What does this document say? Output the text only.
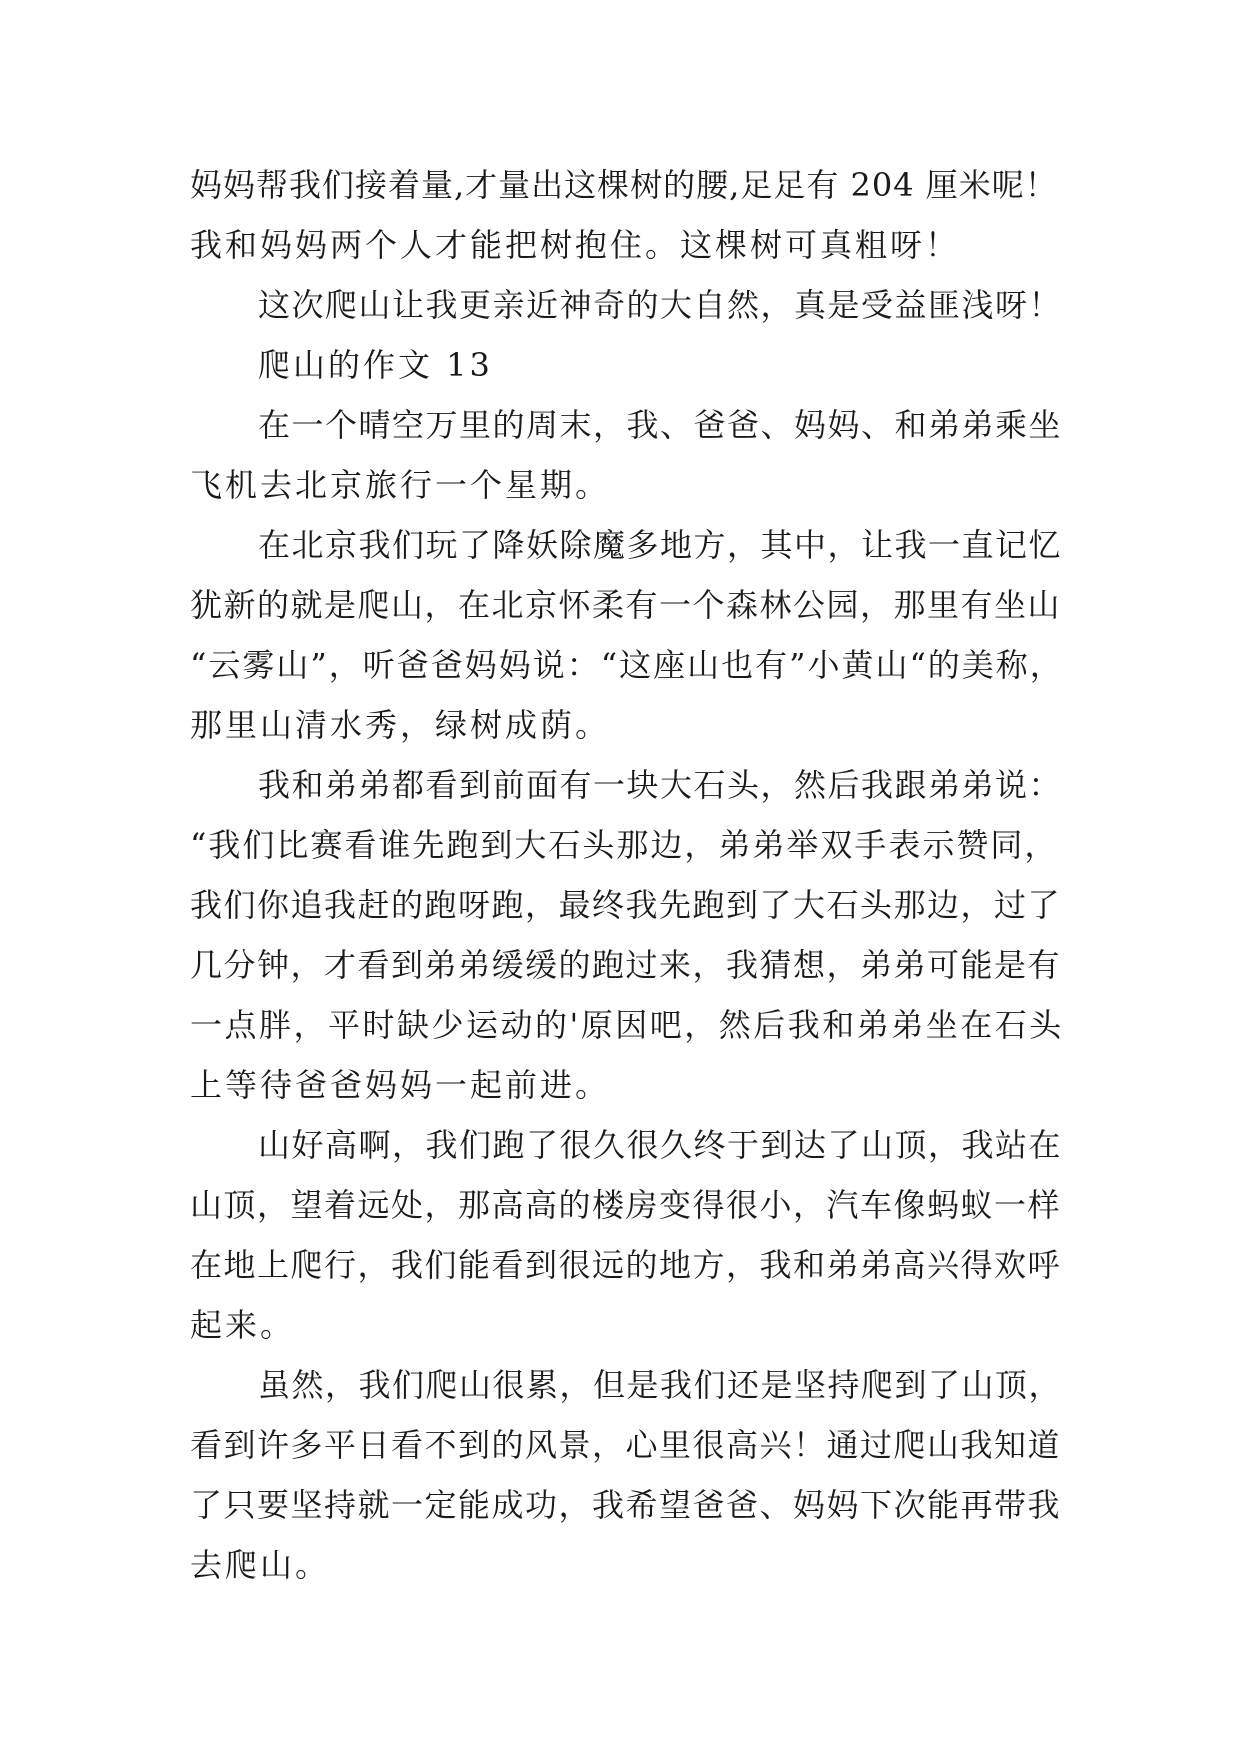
妈妈帮我们接着量,才量出这棵树的腰,足足有 204 厘米呢！
我和妈妈两个人才能把树抱住。这棵树可真粗呀！
这次爬山让我更亲近神奇的大自然，真是受益匪浅呀！
爬山的作文 13
在一个晴空万里的周末，我、爸爸、妈妈、和弟弟乘坐
飞机去北京旅行一个星期。
在北京我们玩了降妖除魔多地方，其中，让我一直记忆
犹新的就是爬山，在北京怀柔有一个森林公园，那里有坐山
“云雾山”，听爸爸妈妈说：“这座山也有”小黄山“的美称，
那里山清水秀，绿树成荫。
我和弟弟都看到前面有一块大石头，然后我跟弟弟说：
“我们比赛看谁先跑到大石头那边，弟弟举双手表示赞同，
我们你追我赶的跑呀跑，最终我先跑到了大石头那边，过了
几分钟，才看到弟弟缓缓的跑过来，我猜想，弟弟可能是有
一点胖，平时缺少运动的'原因吧，然后我和弟弟坐在石头
上等待爸爸妈妈一起前进。
山好高啊，我们跑了很久很久终于到达了山顶，我站在
山顶，望着远处，那高高的楼房变得很小，汽车像蚂蚁一样
在地上爬行，我们能看到很远的地方，我和弟弟高兴得欢呼
起来。
虽然，我们爬山很累，但是我们还是坚持爬到了山顶，
看到许多平日看不到的风景，心里很高兴！通过爬山我知道
了只要坚持就一定能成功，我希望爸爸、妈妈下次能再带我
去爬山。
